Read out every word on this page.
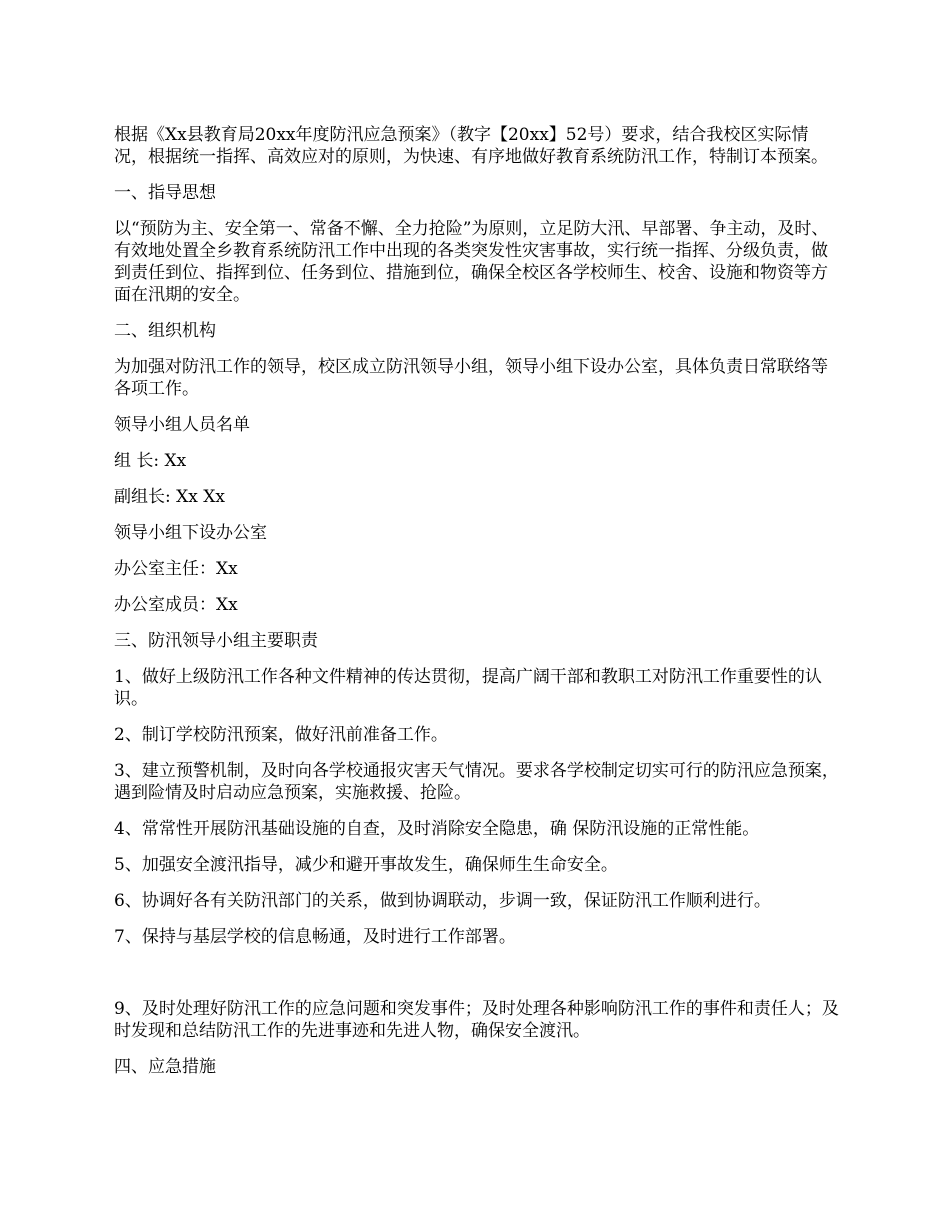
根据《Xx县教育局20xx年度防汛应急预案》（教字【20xx】52号）要求，结合我校区实际情况，根据统一指挥、高效应对的原则，为快速、有序地做好教育系统防汛工作，特制订本预案。

一、指导思想

以“预防为主、安全第一、常备不懈、全力抢险”为原则，立足防大汛、早部署、争主动，及时、有效地处置全乡教育系统防汛工作中出现的各类突发性灾害事故，实行统一指挥、分级负责，做到责任到位、指挥到位、任务到位、措施到位，确保全校区各学校师生、校舍、设施和物资等方面在汛期的安全。

二、组织机构

为加强对防汛工作的领导，校区成立防汛领导小组，领导小组下设办公室，具体负责日常联络等各项工作。

领导小组人员名单

组 长: Xx

副组长: Xx Xx

领导小组下设办公室

办公室主任：Xx

办公室成员：Xx

三、防汛领导小组主要职责

1、做好上级防汛工作各种文件精神的传达贯彻，提高广阔干部和教职工对防汛工作重要性的认识。

2、制订学校防汛预案，做好汛前准备工作。

3、建立预警机制，及时向各学校通报灾害天气情况。要求各学校制定切实可行的防汛应急预案，遇到险情及时启动应急预案，实施救援、抢险。

4、常常性开展防汛基础设施的自查，及时消除安全隐患，确 保防汛设施的正常性能。

5、加强安全渡汛指导，减少和避开事故发生，确保师生生命安全。

6、协调好各有关防汛部门的关系，做到协调联动，步调一致，保证防汛工作顺利进行。

7、保持与基层学校的信息畅通，及时进行工作部署。

9、及时处理好防汛工作的应急问题和突发事件；及时处理各种影响防汛工作的事件和责任人；及时发现和总结防汛工作的先进事迹和先进人物，确保安全渡汛。

四、应急措施
